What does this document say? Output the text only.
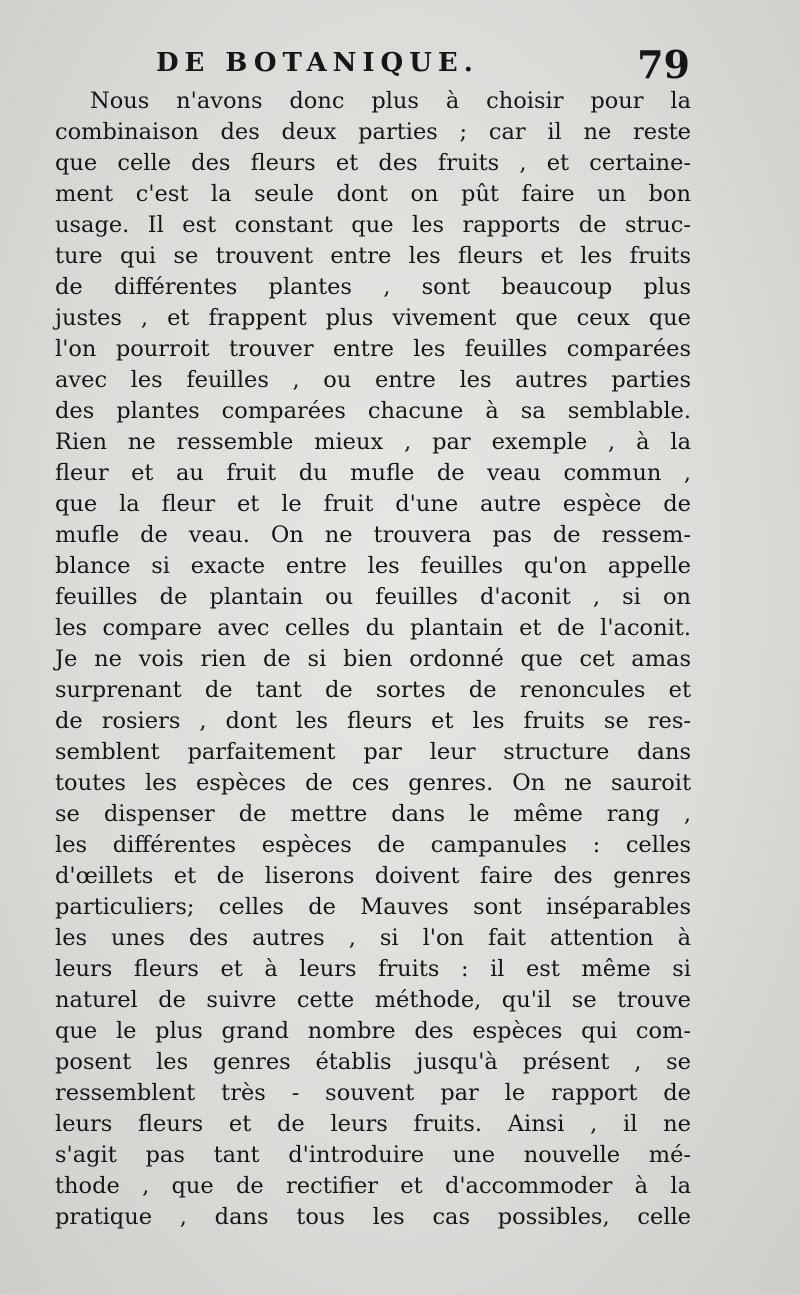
DE BOTANIQUE.	79
Nous n'avons donc plus à choisir pour la
combinaison des deux parties ; car il ne reste
que celle des fleurs et des fruits , et certaine-
ment c'est la seule dont on pût faire un bon
usage. Il est constant que les rapports de struc-
ture qui se trouvent entre les fleurs et les fruits
de différentes plantes , sont beaucoup plus
justes , et frappent plus vivement que ceux que
l'on pourroit trouver entre les feuilles comparées
avec les feuilles , ou entre les autres parties
des plantes comparées chacune à sa semblable.
Rien ne ressemble mieux , par exemple , à la
fleur et au fruit du mufle de veau commun ,
que la fleur et le fruit d'une autre espèce de
mufle de veau. On ne trouvera pas de ressem-
blance si exacte entre les feuilles qu'on appelle
feuilles de plantain ou feuilles d'aconit , si on
les compare avec celles du plantain et de l'aconit.
Je ne vois rien de si bien ordonné que cet amas
surprenant de tant de sortes de renoncules et
de rosiers , dont les fleurs et les fruits se res-
semblent parfaitement par leur structure dans
toutes les espèces de ces genres. On ne sauroit
se dispenser de mettre dans le même rang ,
les différentes espèces de campanules : celles
d'œillets et de liserons doivent faire des genres
particuliers; celles de Mauves sont inséparables
les unes des autres , si l'on fait attention à
leurs fleurs et à leurs fruits : il est même si
naturel de suivre cette méthode, qu'il se trouve
que le plus grand nombre des espèces qui com-
posent les genres établis jusqu'à présent , se
ressemblent très - souvent par le rapport de
leurs fleurs et de leurs fruits. Ainsi , il ne
s'agit pas tant d'introduire une nouvelle mé-
thode , que de rectifier et d'accommoder à la
pratique , dans tous les cas possibles, celle
